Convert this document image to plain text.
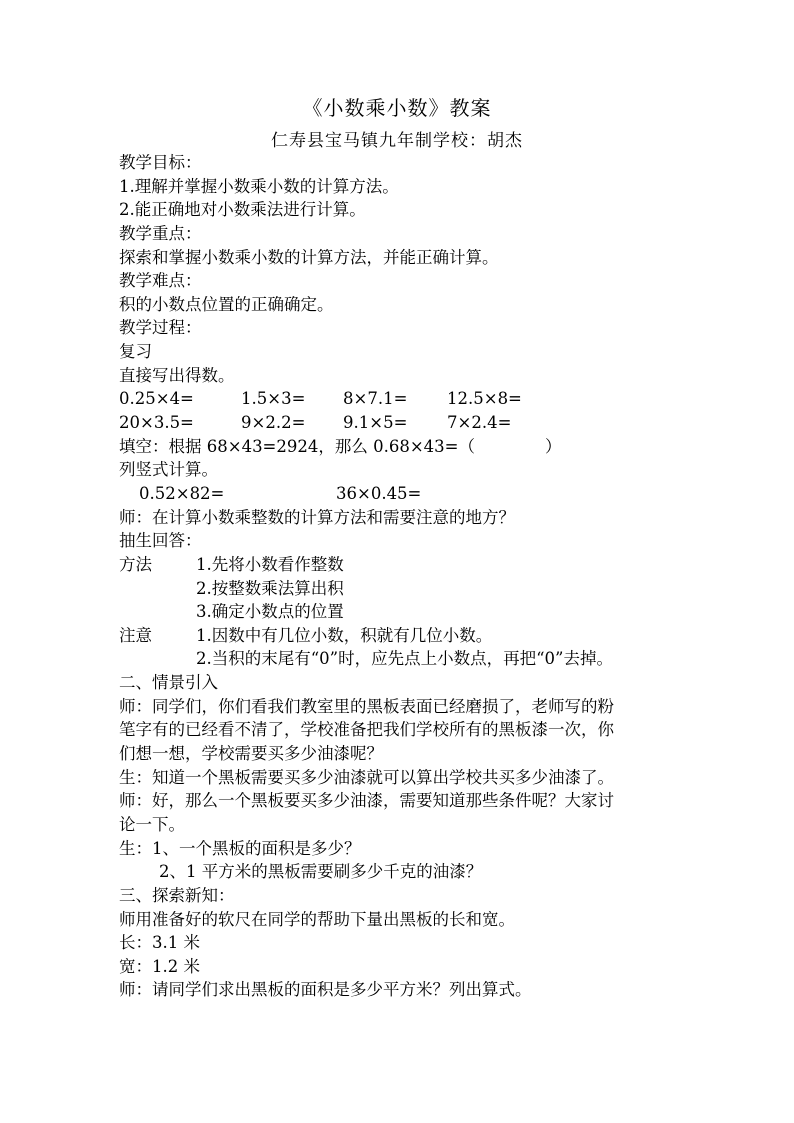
《小数乘小数》教案
仁寿县宝马镇九年制学校：胡杰
教学目标：
1.理解并掌握小数乘小数的计算方法。
2.能正确地对小数乘法进行计算。
教学重点：
探索和掌握小数乘小数的计算方法，并能正确计算。
教学难点：
积的小数点位置的正确确定。
教学过程：
复习
直接写出得数。
0.25×4=	1.5×3= 8×7.1= 12.5×8=
20×3.5=	9×2.2= 9.1×5= 7×2.4=
填空：根据 68×43=2924，那么 0.68×43=（	）
列竖式计算。
0.52×82=	36×0.45=
师：在计算小数乘整数的计算方法和需要注意的地方？
抽生回答：
方法	1.先将小数看作整数
2.按整数乘法算出积
3.确定小数点的位置
注意	1.因数中有几位小数，积就有几位小数。
2.当积的末尾有“0”时，应先点上小数点，再把“0”去掉。
二、情景引入
师：同学们，你们看我们教室里的黑板表面已经磨损了，老师写的粉
笔字有的已经看不清了，学校准备把我们学校所有的黑板漆一次，你
们想一想，学校需要买多少油漆呢？
生：知道一个黑板需要买多少油漆就可以算出学校共买多少油漆了。
师：好，那么一个黑板要买多少油漆，需要知道那些条件呢？大家讨
论一下。
生：1、一个黑板的面积是多少？
2、1 平方米的黑板需要刷多少千克的油漆？
三、探索新知：
师用准备好的软尺在同学的帮助下量出黑板的长和宽。
长：3.1 米
宽：1.2 米
师：请同学们求出黑板的面积是多少平方米？列出算式。
